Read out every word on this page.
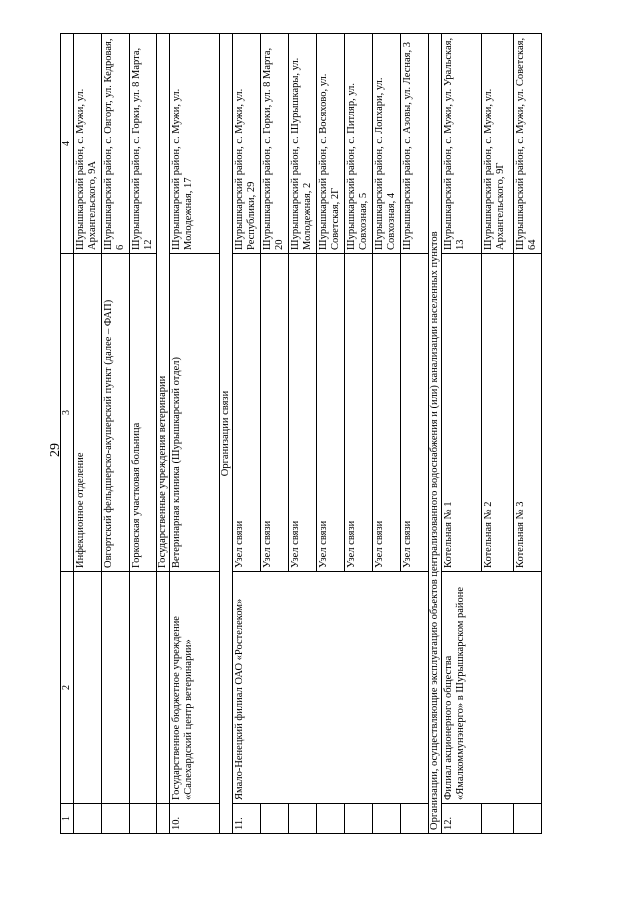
29
1	2	3	4
		Инфекционное отделение	Шурышкарский район, с. Мужи, ул. Архангельского, 9А
		Овгортский фельдшерско-акушерский пункт (далее – ФАП)	Шурышкарский район, с. Овгорт, ул. Кедровая, 6
		Горковская участковая больница	Шурышкарский район, с. Горки, ул. 8 Марта, 12
		Государственные учреждения ветеринарии	
10.	Государственное бюджетное учреждение «Салехардский центр ветеринарии»	Ветеринарная клиника (Шурышкарский отдел)	Шурышкарский район, с. Мужи, ул. Молодежная, 17
Организации связи			
11.	Ямало-Ненецкий филиал ОАО «Ростелеком»	Узел связи	Шурышкарский район, с. Мужи, ул. Республики, 29
		Узел связи	Шурышкарский район, с. Горки, ул. 8 Марта, 20
		Узел связи	Шурышкарский район, с. Шурышкары, ул. Молодежная, 2
		Узел связи	Шурышкарский район, с. Восяхово, ул. Советская, 2Г
		Узел связи	Шурышкарский район, с. Питляр, ул. Совхозная, 5
		Узел связи	Шурышкарский район, с. Лопхари, ул. Совхозная, 4
		Узел связи	Шурышкарский район, с. Азовы, ул. Лесная, 3
Организации, осуществляющие эксплуатацию объектов централизованного водоснабжения и (или) канализации населенных пунктов			
12.	Филиал акционерного общества «Ямалкоммунэнерго» в Шурышкарском районе	Котельная № 1	Шурышкарский район, с. Мужи, ул. Уральская, 13
		Котельная № 2	Шурышкарский район, с. Мужи, ул. Архангельского, 9Г
		Котельная № 3	Шурышкарский район, с. Мужи, ул. Советская, 64
